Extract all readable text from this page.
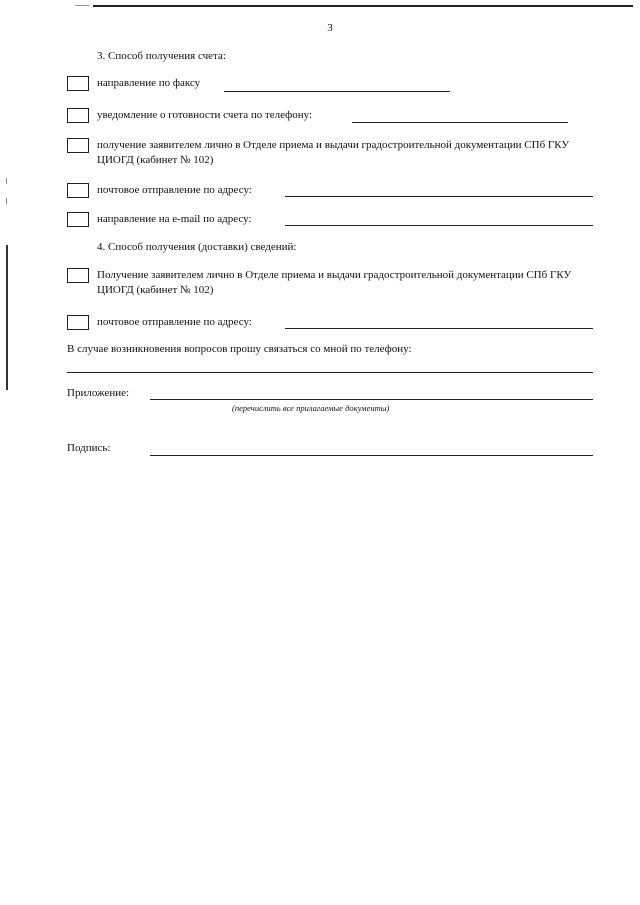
3
3. Способ получения счета:
направление по факсу
уведомление о готовности счета по телефону:
получение заявителем лично в Отделе приема и выдачи градостроительной документации СПб ГКУ ЦИОГД (кабинет № 102)
почтовое отправление по адресу:
направление на e-mail по адресу:
4. Способ получения (доставки) сведений:
Получение заявителем лично в Отделе приема и выдачи градостроительной документации СПб ГКУ ЦИОГД (кабинет № 102)
почтовое отправление по адресу:
В случае возникновения вопросов прошу связаться со мной по телефону:
Приложение:
(перечислить все прилагаемые документы)
Подпись:
